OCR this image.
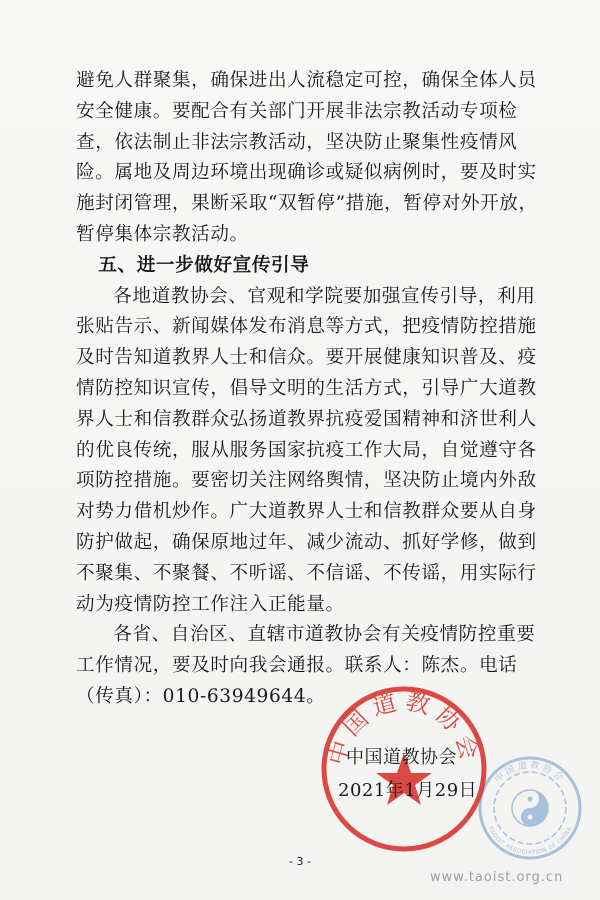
避免人群聚集，确保进出人流稳定可控，确保全体人员安全健康。要配合有关部门开展非法宗教活动专项检查，依法制止非法宗教活动，坚决防止聚集性疫情风险。属地及周边环境出现确诊或疑似病例时，要及时实施封闭管理，果断采取“双暂停”措施，暂停对外开放，暂停集体宗教活动。

五、进一步做好宣传引导

各地道教协会、官观和学院要加强宣传引导，利用张贴告示、新闻媒体发布消息等方式，把疫情防控措施及时告知道教界人士和信众。要开展健康知识普及、疫情防控知识宣传，倡导文明的生活方式，引导广大道教界人士和信教群众弘扬道教界抗疫爱国精神和济世利人的优良传统，服从服务国家抗疫工作大局，自觉遵守各项防控措施。要密切关注网络舆情，坚决防止境内外敌对势力借机炒作。广大道教界人士和信教群众要从自身防护做起，确保原地过年、减少流动、抓好学修，做到不聚集、不聚餐、不听谣、不信谣、不传谣，用实际行动为疫情防控工作注入正能量。

各省、自治区、直辖市道教协会有关疫情防控重要工作情况，要及时向我会通报。联系人：陈杰。电话（传真）：010-63949644。

中国道教协会
中国道教协会
2021年1月29日
中国道教协会
TAOIST ASSOCIATION OF CHINA
- 3 -
www.taoist.org.cn
